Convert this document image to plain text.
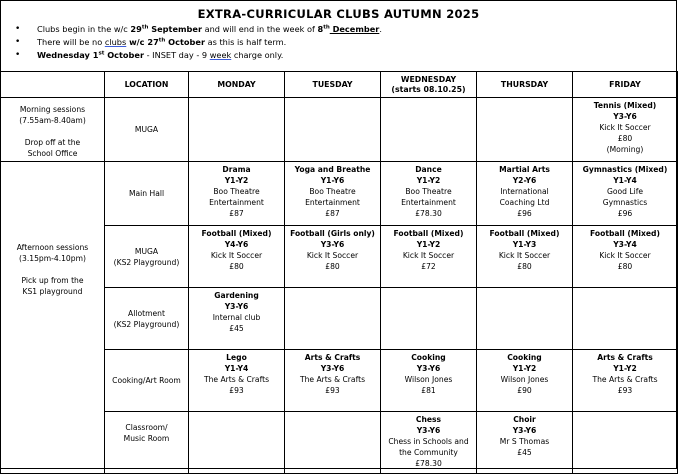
EXTRA-CURRICULAR CLUBS AUTUMN 2025
• Clubs begin in the w/c 29th September and will end in the week of 8th December.
• There will be no clubs w/c 27th October as this is half term.
• Wednesday 1st October - INSET day - 9 week charge only.
	LOCATION	MONDAY	TUESDAY	WEDNESDAY
(starts 08.10.25)	THURSDAY	FRIDAY

Morning sessions
(7.55am-8.40am)

Drop off at the
School Office	MUGA					Tennis (Mixed)
Y3-Y6
Kick It Soccer
£80
(Morning)

Afternoon sessions
(3.15pm-4.10pm)

Pick up from the
KS1 playground	Main Hall	Drama
Y1-Y2
Boo Theatre
Entertainment
£87	Yoga and Breathe
Y1-Y6
Boo Theatre
Entertainment
£87	Dance
Y1-Y2
Boo Theatre
Entertainment
£78.30	Martial Arts
Y2-Y6
International
Coaching Ltd
£96	Gymnastics (Mixed)
Y1-Y4
Good Life
Gymnastics
£96

	MUGA
(KS2 Playground)	Football (Mixed)
Y4-Y6
Kick It Soccer
£80	Football (Girls only)
Y3-Y6
Kick It Soccer
£80	Football (Mixed)
Y1-Y2
Kick It Soccer
£72	Football (Mixed)
Y1-Y3
Kick It Soccer
£80	Football (Mixed)
Y3-Y4
Kick It Soccer
£80

	Allotment
(KS2 Playground)	Gardening
Y3-Y6
Internal club
£45				

	Cooking/Art Room	Lego
Y1-Y4
The Arts & Crafts
£93	Arts & Crafts
Y3-Y6
The Arts & Crafts
£93	Cooking
Y3-Y6
Wilson Jones
£81	Cooking
Y1-Y2
Wilson Jones
£90	Arts & Crafts
Y1-Y2
The Arts & Crafts
£93

	Classroom/
Music Room			Chess
Y3-Y6
Chess in Schools and
the Community
£78.30	Choir
Y3-Y6
Mr S Thomas
£45	
